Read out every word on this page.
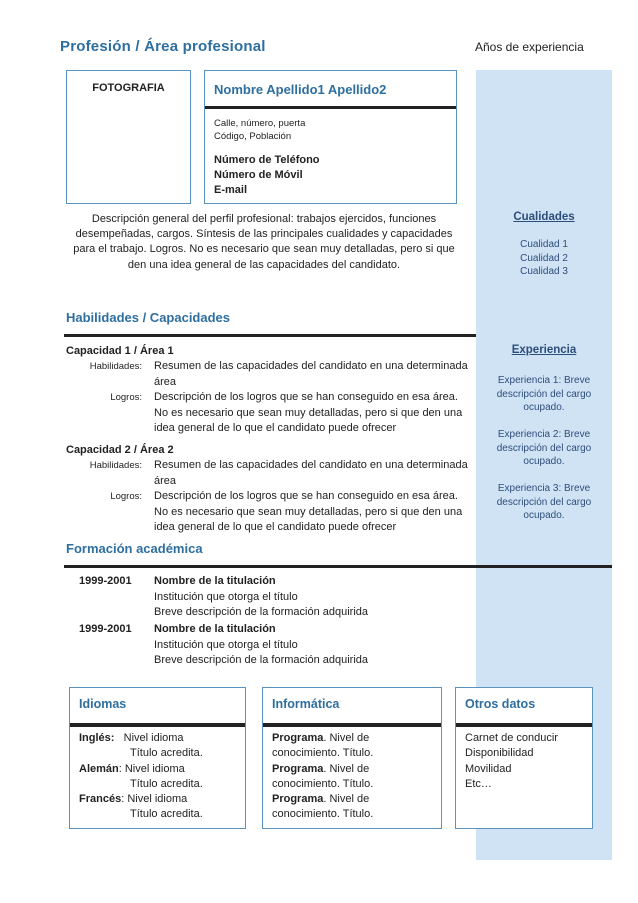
Profesión / Área profesional	Años de experiencia
FOTOGRAFIA	Nombre Apellido1 Apellido2
Calle, número, puerta
Código, Población
Número de Teléfono
Número de Móvil
E-mail
Descripción general del perfil profesional: trabajos ejercidos, funciones desempeñadas, cargos. Síntesis de las principales cualidades y capacidades para el trabajo. Logros. No es necesario que sean muy detalladas, pero si que den una idea general de las capacidades del candidato.
Cualidades
Cualidad 1
Cualidad 2
Cualidad 3
Experiencia
Experiencia 1: Breve descripción del cargo ocupado.
Experiencia 2: Breve descripción del cargo ocupado.
Experiencia 3: Breve descripción del cargo ocupado.
Habilidades / Capacidades
Capacidad 1 / Área 1
Habilidades: Resumen de las capacidades del candidato en una determinada área
Logros: Descripción de los logros que se han conseguido en esa área. No es necesario que sean muy detalladas, pero si que den una idea general de lo que el candidato puede ofrecer
Capacidad 2 / Área 2
Habilidades: Resumen de las capacidades del candidato en una determinada área
Logros: Descripción de los logros que se han conseguido en esa área. No es necesario que sean muy detalladas, pero si que den una idea general de lo que el candidato puede ofrecer
Formación académica
1999-2001 Nombre de la titulación
Institución que otorga el título
Breve descripción de la formación adquirida
1999-2001 Nombre de la titulación
Institución que otorga el título
Breve descripción de la formación adquirida
Idiomas
Inglés: Nivel idioma
Título acredita.
Alemán: Nivel idioma
Título acredita.
Francés: Nivel idioma
Título acredita.
Informática
Programa. Nivel de
conocimiento. Título.
Programa. Nivel de
conocimiento. Título.
Programa. Nivel de
conocimiento. Título.
Otros datos
Carnet de conducir
Disponibilidad
Movilidad
Etc…
